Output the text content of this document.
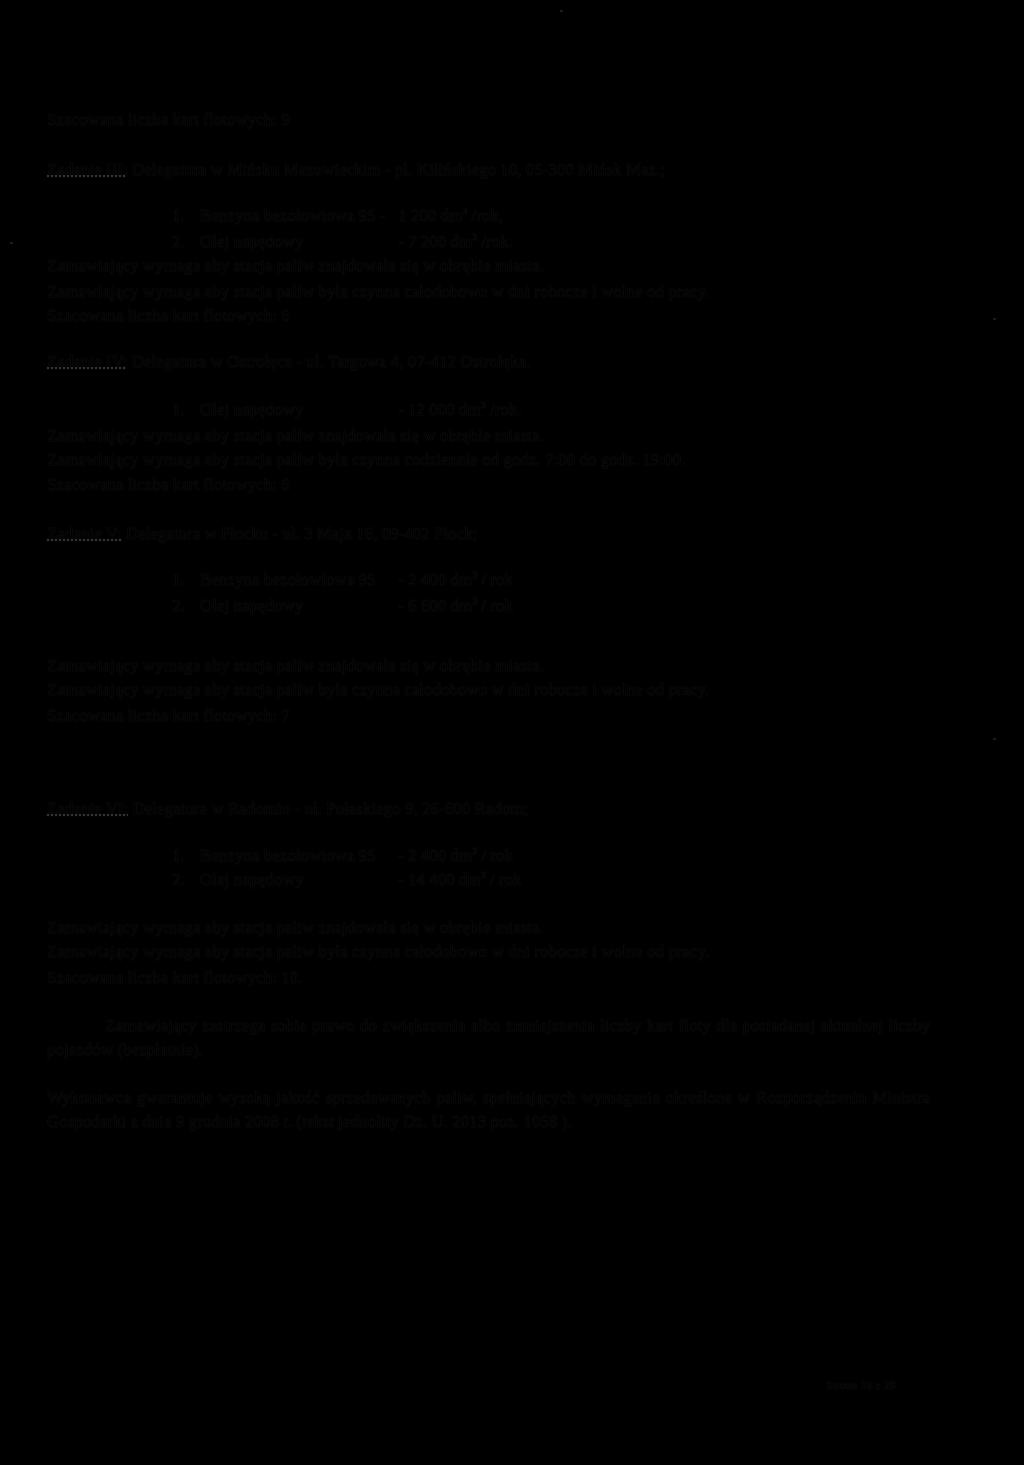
Szacowana liczba kart flotowych: 9
Zadanie III: Delegatura w Mińsku Mazowieckim - pl. Kilińskiego 10, 05-300 Mińsk Maz.;
1. Benzyna bezołowiowa 95 - 1 200 $dm^3$ /rok,
2. Olej napędowy	- 7 200 $dm^3$ /rok.
Zamawiający wymaga aby stacja paliw znajdowała się w obrębie miasta.
Zamawiający wymaga aby stacja paliw była czynna całodobowo w dni robocze i wolne od pracy.
Szacowana liczba kart flotowych: 6
Zadanie IV: Delegatura w Ostrołęce - ul. Targowa 4, 07-412 Ostrołęka.
1. Olej napędowy	- 12 000 $dm^3$ /rok.
Zamawiający wymaga aby stacja paliw znajdowała się w obrębie miasta.
Zamawiający wymaga aby stacja paliw była czynna codziennie od godz. 7:00 do godz. 19:00.
Szacowana liczba kart flotowych: 6
Zadanie V: Delegatura w Płocku - ul. 3 Maja 16, 09-402 Płock;
1. Benzyna bezołowiowa 95 - 2 400 $dm^3$ / rok
2. Olej napędowy	- 6 600 $dm^3$ / rok
Zamawiający wymaga aby stacja paliw znajdowała się w obrębie miasta.
Zamawiający wymaga aby stacja paliw była czynna całodobowo w dni robocze i wolne od pracy.
Szacowana liczba kart flotowych: 7
Zadanie VI: Delegatura w Radomiu - ul. Pułaskiego 9, 26-600 Radom;
1. Benzyna bezołowiowa 95 - 2 400 $dm^3$ / rok
2. Olej napędowy	- 14 400 $dm^3$ / rok
Zamawiający wymaga aby stacja paliw znajdowała się w obrębie miasta.
Zamawiający wymaga aby stacja paliw była czynna całodobowo w dni robocze i wolne od pracy.
Szacowana liczba kart flotowych: 10.
Zamawiający zastrzega sobie prawo do zwiększenia albo zmniejszenia liczby kart floty dla posiadanej aktualnej liczby pojazdów (bezpłatnie).
Wykonawca gwarantuje wysoką jakość sprzedawanych paliw, spełniających wymagania określone w Rozporządzeniu Ministra Gospodarki z dnia 9 grudnia 2008 r. (tekst jednolity Dz. U. 2013 poz. 1058 ).
Strona 16 z 29
